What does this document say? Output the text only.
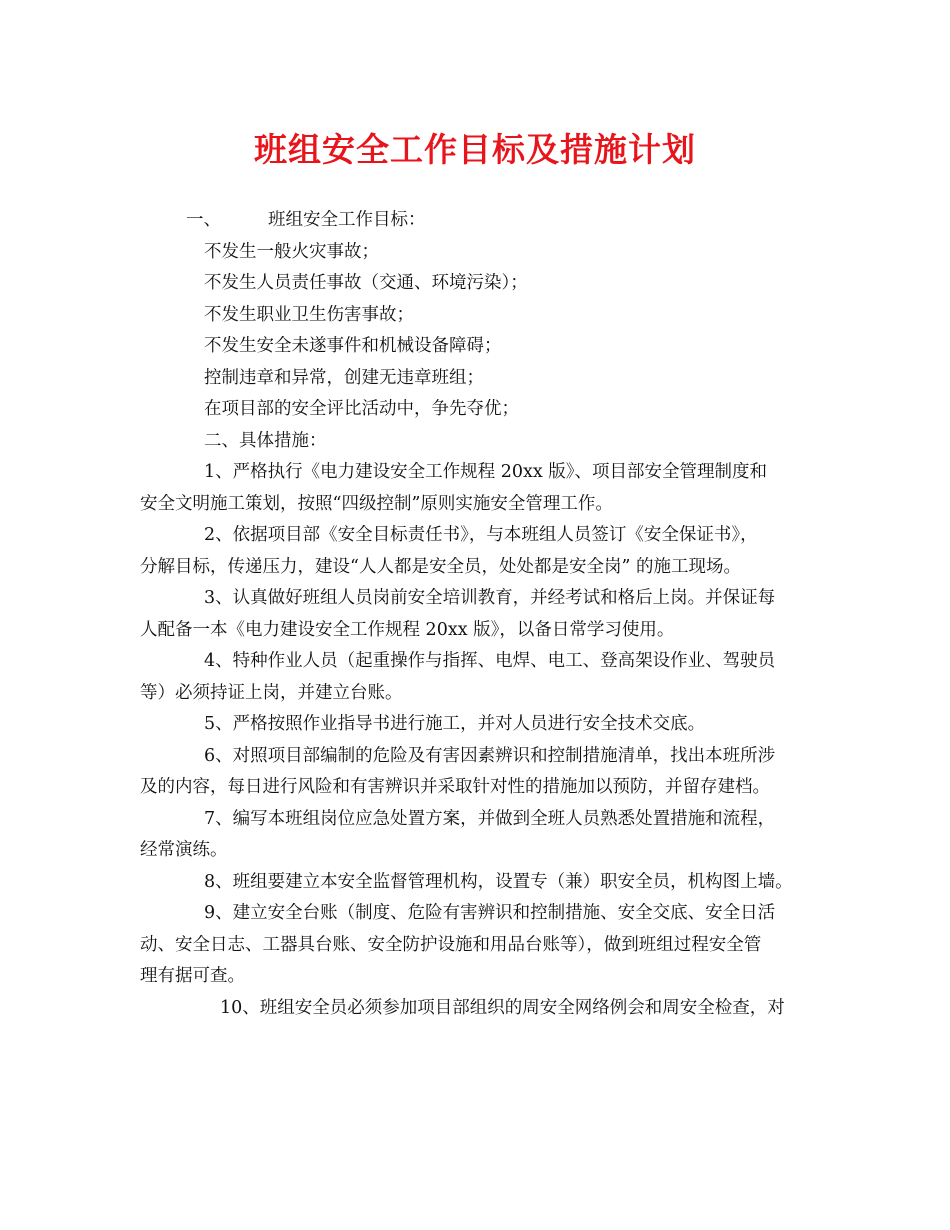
班组安全工作目标及措施计划

一、	班组安全工作目标：

不发生一般火灾事故；

不发生人员责任事故（交通、环境污染）；

不发生职业卫生伤害事故；

不发生安全未遂事件和机械设备障碍；

控制违章和异常，创建无违章班组；

在项目部的安全评比活动中，争先夺优；

二、具体措施：

1、严格执行《电力建设安全工作规程 20xx 版》、项目部安全管理制度和

安全文明施工策划，按照“四级控制”原则实施安全管理工作。

2、依据项目部《安全目标责任书》，与本班组人员签订《安全保证书》，

分解目标，传递压力，建设“人人都是安全员，处处都是安全岗” 的施工现场。

3、认真做好班组人员岗前安全培训教育，并经考试和格后上岗。并保证每

人配备一本《电力建设安全工作规程 20xx 版》，以备日常学习使用。

4、特种作业人员（起重操作与指挥、电焊、电工、登高架设作业、驾驶员

等）必须持证上岗，并建立台账。

5、严格按照作业指导书进行施工，并对人员进行安全技术交底。

6、对照项目部编制的危险及有害因素辨识和控制措施清单，找出本班所涉

及的内容，每日进行风险和有害辨识并采取针对性的措施加以预防，并留存建档。

7、编写本班组岗位应急处置方案，并做到全班人员熟悉处置措施和流程，

经常演练。

8、班组要建立本安全监督管理机构，设置专（兼）职安全员，机构图上墙。

9、建立安全台账（制度、危险有害辨识和控制措施、安全交底、安全日活

动、安全日志、工器具台账、安全防护设施和用品台账等），做到班组过程安全管

理有据可查。

10、班组安全员必须参加项目部组织的周安全网络例会和周安全检查，对
